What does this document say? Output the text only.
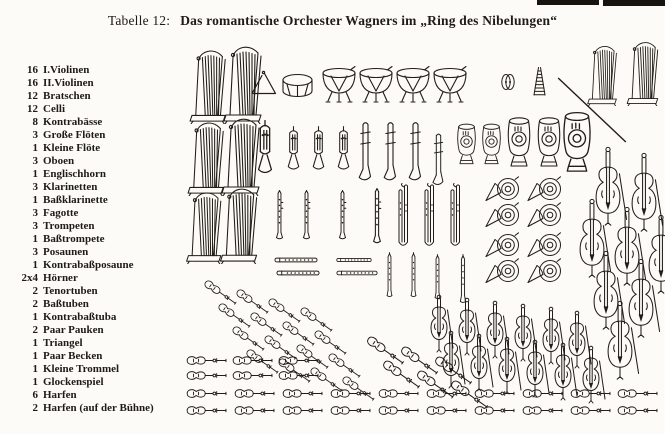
Tabelle 12: Das romantische Orchester Wagners im „Ring des Nibelungen“
16 I.Violinen
16 II.Violinen
12 Bratschen
12 Celli
8 Kontrabässe
3 Große Flöten
1 Kleine Flöte
3 Oboen
1 Englischhorn
3 Klarinetten
1 Baßklarinette
3 Fagotte
3 Trompeten
1 Baßtrompete
3 Posaunen
1 Kontrabaßposaune
2x4 Hörner
2 Tenortuben
2 Baßtuben
1 Kontrabaßtuba
2 Paar Pauken
1 Triangel
1 Paar Becken
1 Kleine Trommel
1 Glockenspiel
6 Harfen
2 Harfen (auf der Bühne)
